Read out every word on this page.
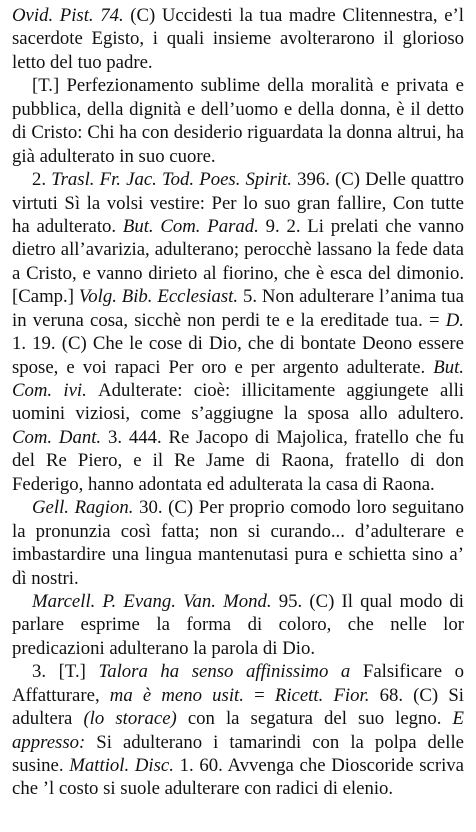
Ovid. Pist. 74. (C) Uccidesti la tua madre Clitennestra, e’l sacerdote Egisto, i quali insieme avolterarono il glorioso letto del tuo padre.

[T.] Perfezionamento sublime della moralità e privata e pubblica, della dignità e dell’uomo e della donna, è il detto di Cristo: Chi ha con desiderio riguardata la donna altrui, ha già adulterato in suo cuore.

2. Trasl. Fr. Jac. Tod. Poes. Spirit. 396. (C) Delle quattro virtuti Sì la volsi vestire: Per lo suo gran fallire, Con tutte ha adulterato. But. Com. Parad. 9. 2. Li prelati che vanno dietro all’avarizia, adulterano; perocchè lassano la fede data a Cristo, e vanno dirieto al fiorino, che è esca del dimonio. [Camp.] Volg. Bib. Ecclesiast. 5. Non adulterare l’anima tua in veruna cosa, sicchè non perdi te e la ereditade tua. = D. 1. 19. (C) Che le cose di Dio, che di bontate Deono essere spose, e voi rapaci Per oro e per argento adulterate. But. Com. ivi. Adulterate: cioè: illicitamente aggiungete alli uomini viziosi, come s’aggiugne la sposa allo adultero. Com. Dant. 3. 444. Re Jacopo di Majolica, fratello che fu del Re Piero, e il Re Jame di Raona, fratello di don Federigo, hanno adontata ed adulterata la casa di Raona.

Gell. Ragion. 30. (C) Per proprio comodo loro seguitano la pronunzia così fatta; non si curando... d’adulterare e imbastardire una lingua mantenutasi pura e schietta sino a’ dì nostri.

Marcell. P. Evang. Van. Mond. 95. (C) Il qual modo di parlare esprime la forma di coloro, che nelle lor predicazioni adulterano la parola di Dio.

3. [T.] Talora ha senso affinissimo a Falsificare o Affatturare, ma è meno usit. = Ricett. Fior. 68. (C) Si adultera (lo storace) con la segatura del suo legno. E appresso: Si adulterano i tamarindi con la polpa delle susine. Mattiol. Disc. 1. 60. Avvenga che Dioscoride scriva che ’l costo si suole adulterare con radici di elenio.
